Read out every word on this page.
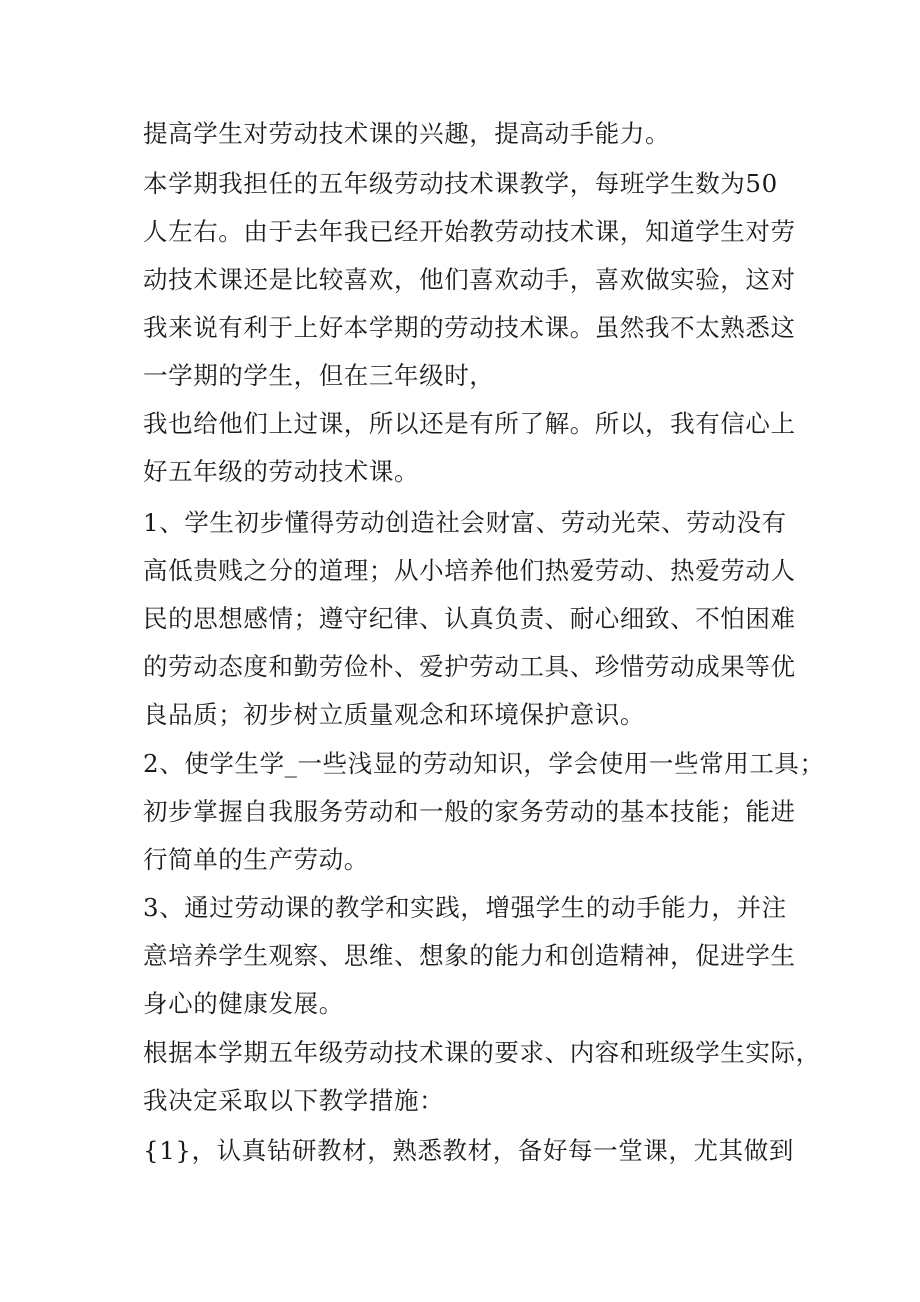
提高学生对劳动技术课的兴趣，提高动手能力。
本学期我担任的五年级劳动技术课教学，每班学生数为50
人左右。由于去年我已经开始教劳动技术课，知道学生对劳
动技术课还是比较喜欢，他们喜欢动手，喜欢做实验，这对
我来说有利于上好本学期的劳动技术课。虽然我不太熟悉这
一学期的学生，但在三年级时，
我也给他们上过课，所以还是有所了解。所以，我有信心上
好五年级的劳动技术课。
1、学生初步懂得劳动创造社会财富、劳动光荣、劳动没有
高低贵贱之分的道理；从小培养他们热爱劳动、热爱劳动人
民的思想感情；遵守纪律、认真负责、耐心细致、不怕困难
的劳动态度和勤劳俭朴、爱护劳动工具、珍惜劳动成果等优
良品质；初步树立质量观念和环境保护意识。
2、使学生学_一些浅显的劳动知识，学会使用一些常用工具；
初步掌握自我服务劳动和一般的家务劳动的基本技能；能进
行简单的生产劳动。
3、通过劳动课的教学和实践，增强学生的动手能力，并注
意培养学生观察、思维、想象的能力和创造精神，促进学生
身心的健康发展。
根据本学期五年级劳动技术课的要求、内容和班级学生实际，
我决定采取以下教学措施：
{1}，认真钻研教材，熟悉教材，备好每一堂课，尤其做到
